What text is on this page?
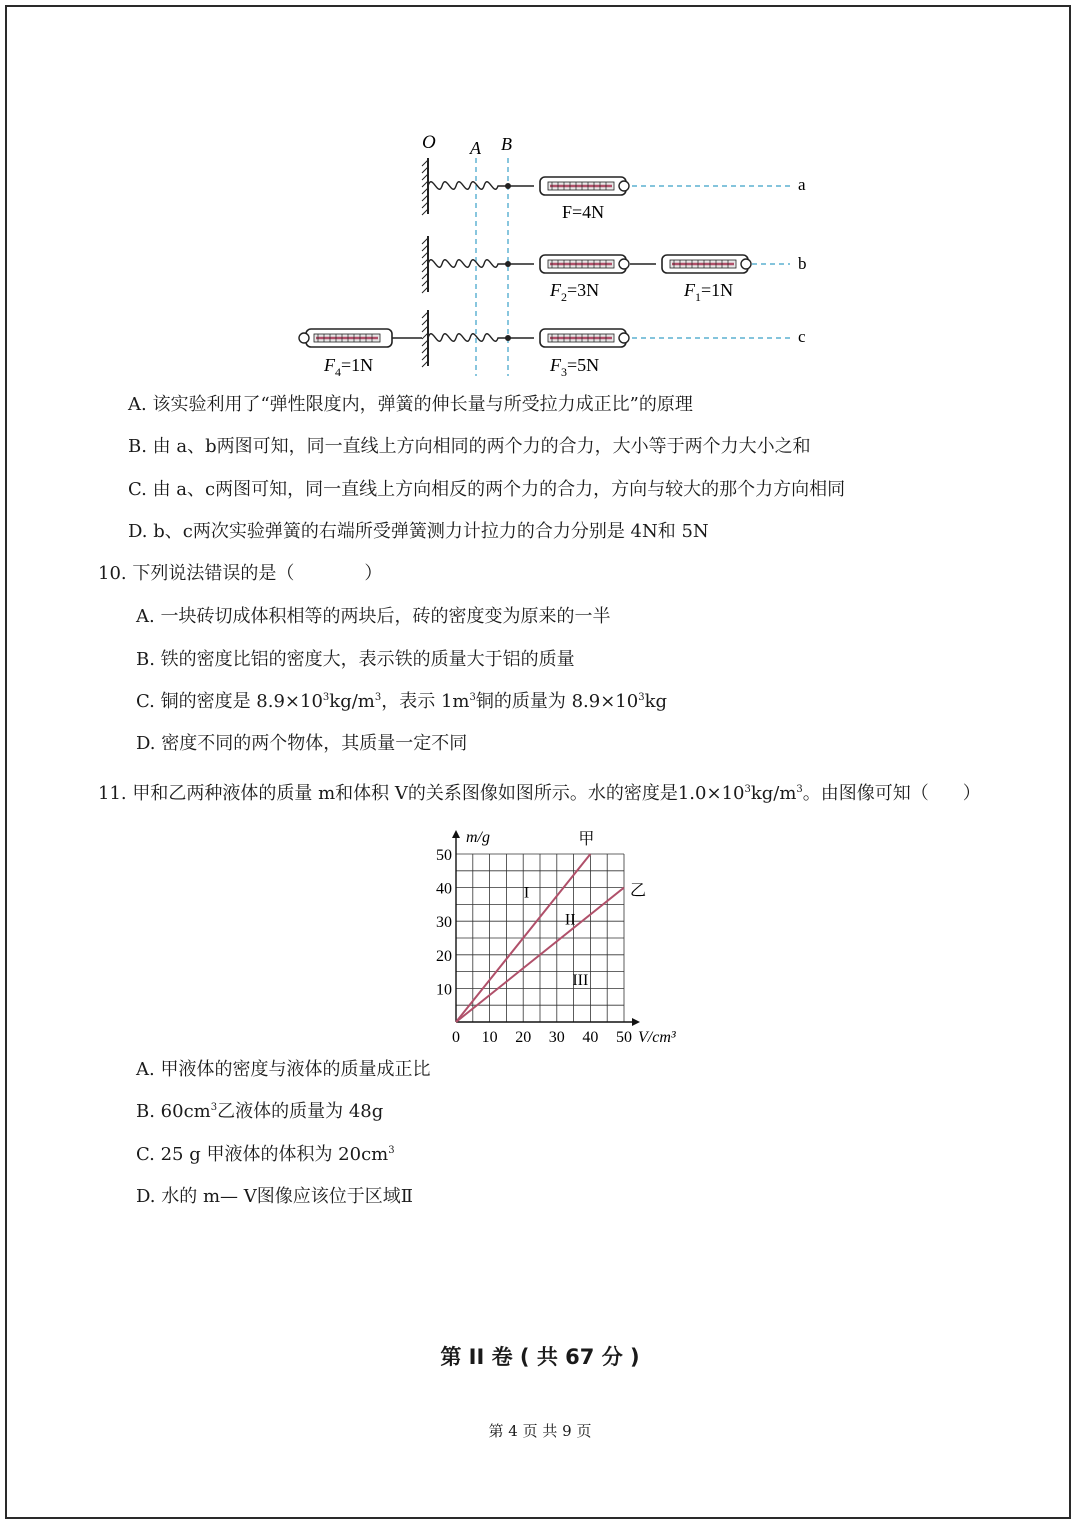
O A B
a
F=4N
b
$F_2=3N$	$F_1=1N$
c
$F_4=1N$	$F_3=5N$
A. 该实验利用了“弹性限度内，弹簧的伸长量与所受拉力成正比”的原理
B. 由 a、b两图可知，同一直线上方向相同的两个力的合力，大小等于两个力大小之和
C. 由 a、c两图可知，同一直线上方向相反的两个力的合力，方向与较大的那个力方向相同
D. b、c两次实验弹簧的右端所受弹簧测力计拉力的合力分别是 4N和 5N
10. 下列说法错误的是（	）
A. 一块砖切成体积相等的两块后，砖的密度变为原来的一半
B. 铁的密度比铝的密度大，表示铁的质量大于铝的质量
C. 铜的密度是 $8.9\times 10^3kg/m^3$，表示 $1m^3$铜的质量为 $8.9\times 10^3kg$
D. 密度不同的两个物体，其质量一定不同
11. 甲和乙两种液体的质量 m和体积 V的关系图像如图所示。水的密度是$1.0\times 10^3kg/m^3$。由图像可知（ ）
0 10 20 30 40 50
10
20
30
40
50
m/g
V/cm³
甲
乙
I
II
III
A. 甲液体的密度与液体的质量成正比
B. $60cm^3$乙液体的质量为 48g
C. 25 g 甲液体的体积为 $20cm^3$
D. 水的 m— V图像应该位于区域Ⅱ
第 II 卷 ( 共 67 分 )
第 4 页 共 9 页
